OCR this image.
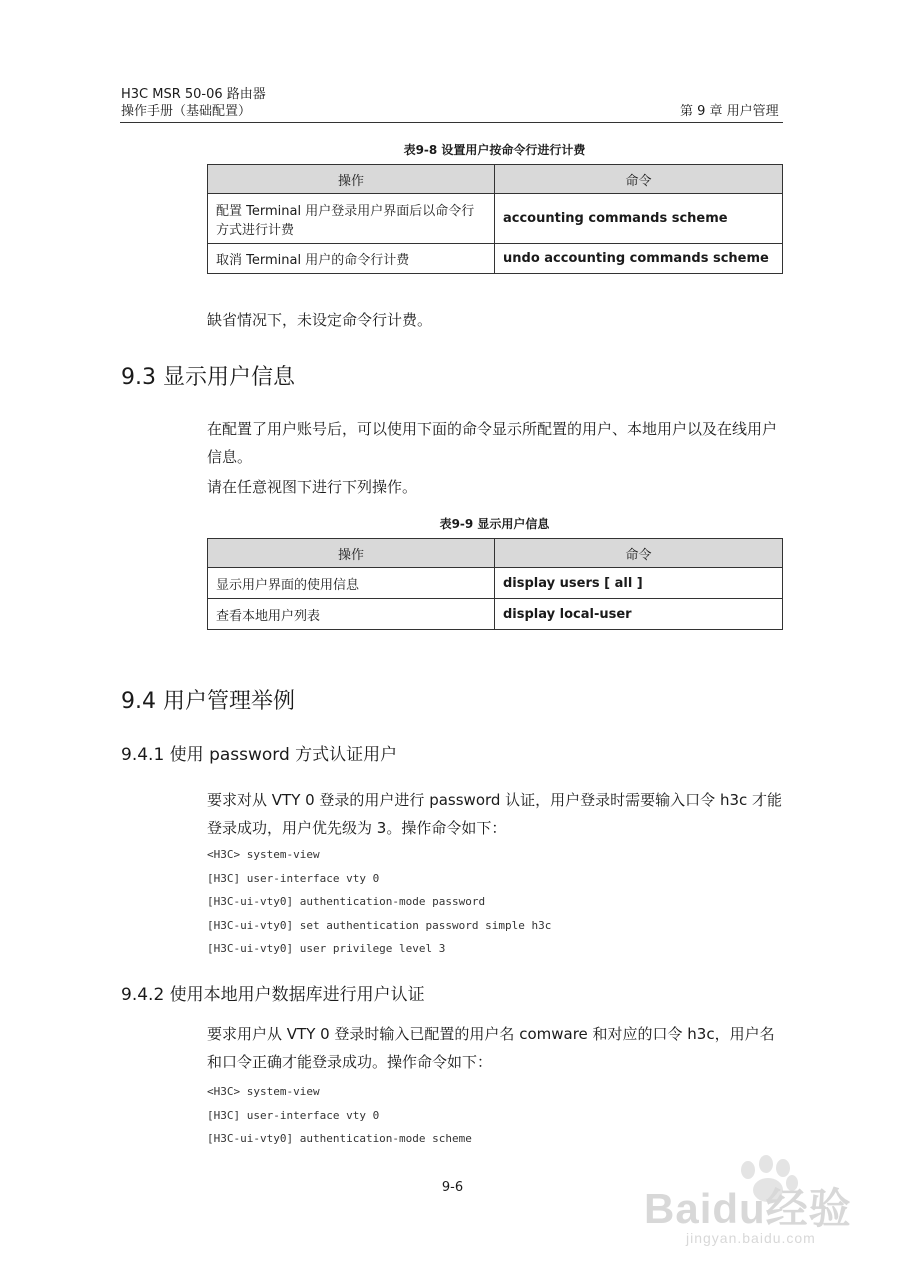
H3C MSR 50-06 路由器
操作手册（基础配置）	第 9 章 用户管理
表9-8 设置用户按命令行进行计费
操作	命令
配置 Terminal 用户登录用户界面后以命令行方式进行计费	accounting commands scheme
取消 Terminal 用户的命令行计费	undo accounting commands scheme
缺省情况下，未设定命令行计费。
9.3 显示用户信息
在配置了用户账号后，可以使用下面的命令显示所配置的用户、本地用户以及在线用户信息。
请在任意视图下进行下列操作。
表9-9 显示用户信息
操作	命令
显示用户界面的使用信息	display users [ all ]
查看本地用户列表	display local-user
9.4 用户管理举例
9.4.1 使用 password 方式认证用户
要求对从 VTY 0 登录的用户进行 password 认证，用户登录时需要输入口令 h3c 才能登录成功，用户优先级为 3。操作命令如下：
<H3C> system-view
[H3C] user-interface vty 0
[H3C-ui-vty0] authentication-mode password
[H3C-ui-vty0] set authentication password simple h3c
[H3C-ui-vty0] user privilege level 3
9.4.2 使用本地用户数据库进行用户认证
要求用户从 VTY 0 登录时输入已配置的用户名 comware 和对应的口令 h3c，用户名和口令正确才能登录成功。操作命令如下：
<H3C> system-view
[H3C] user-interface vty 0
[H3C-ui-vty0] authentication-mode scheme
9-6	Baidu经验
jingyan.baidu.com
